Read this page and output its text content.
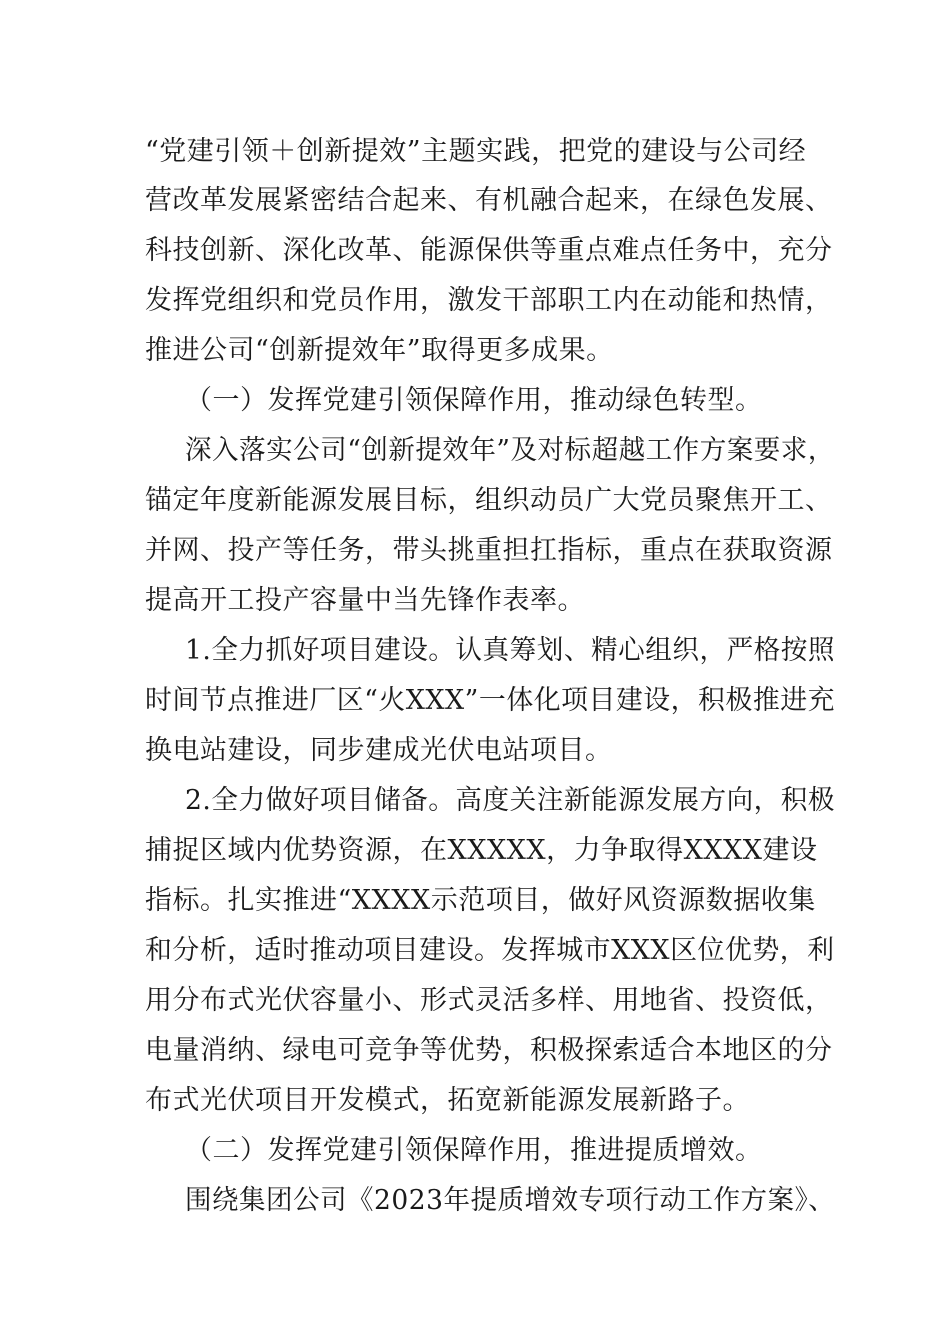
“党建引领＋创新提效”主题实践，把党的建设与公司经
营改革发展紧密结合起来、有机融合起来，在绿色发展、
科技创新、深化改革、能源保供等重点难点任务中，充分
发挥党组织和党员作用，激发干部职工内在动能和热情，
推进公司“创新提效年”取得更多成果。
（一）发挥党建引领保障作用，推动绿色转型。
深入落实公司“创新提效年”及对标超越工作方案要求，
锚定年度新能源发展目标，组织动员广大党员聚焦开工、
并网、投产等任务，带头挑重担扛指标，重点在获取资源
提高开工投产容量中当先锋作表率。
1.全力抓好项目建设。认真筹划、精心组织，严格按照
时间节点推进厂区“火XXX”一体化项目建设，积极推进充
换电站建设，同步建成光伏电站项目。
2.全力做好项目储备。高度关注新能源发展方向，积极
捕捉区域内优势资源，在XXXXX，力争取得XXXX建设
指标。扎实推进“XXXX示范项目，做好风资源数据收集
和分析，适时推动项目建设。发挥城市XXX区位优势，利
用分布式光伏容量小、形式灵活多样、用地省、投资低，
电量消纳、绿电可竞争等优势，积极探索适合本地区的分
布式光伏项目开发模式，拓宽新能源发展新路子。
（二）发挥党建引领保障作用，推进提质增效。
围绕集团公司《2023年提质增效专项行动工作方案》、
